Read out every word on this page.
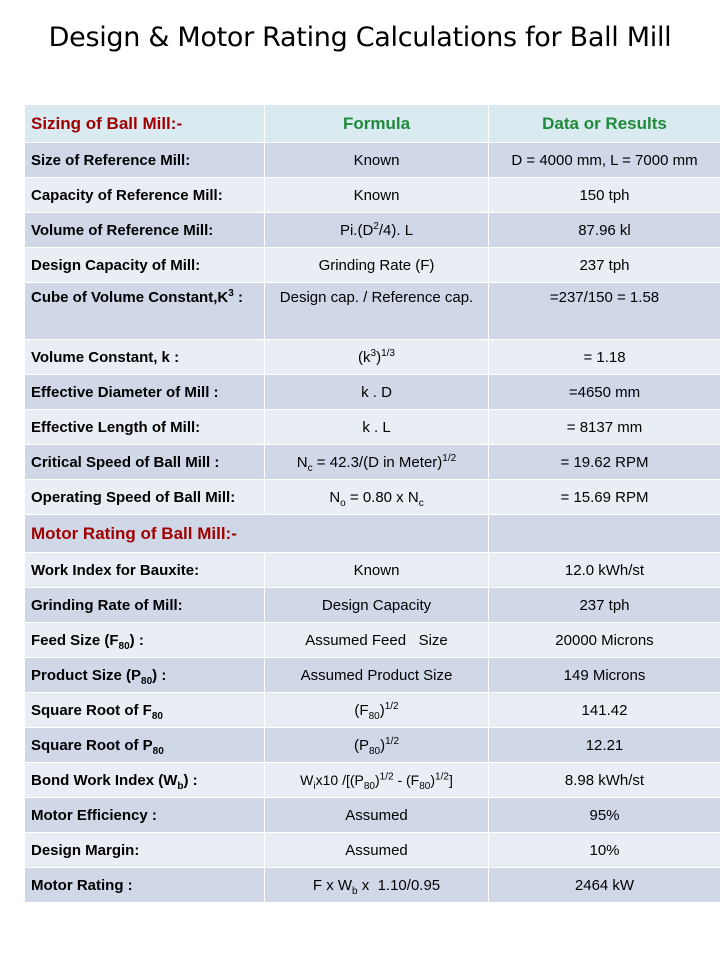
Design & Motor Rating Calculations for Ball Mill
Sizing of Ball Mill:-	Formula	Data or Results
Size of Reference Mill:	Known	D = 4000 mm, L = 7000 mm
Capacity of Reference Mill:	Known	150 tph
Volume of Reference Mill:	$Pi.(D^2/4)$. L	87.96 kl
Design Capacity of Mill:	Grinding Rate (F)	237 tph
Cube of Volume $Constant,K^3$ :	Design cap. / Reference cap.	=237/150 = 1.58
Volume Constant, k :	$(k^3)^{1/3}$	= 1.18
Effective Diameter of Mill :	k . D	=4650 mm
Effective Length of Mill:	k . L	= 8137 mm
Critical Speed of Ball Mill :	$N_c = 42.3/(D$ in Meter)$^{1/2}$	= 19.62 RPM
Operating Speed of Ball Mill:	$N_o = 0.80$ x $N_c$	= 15.69 RPM
Motor Rating of Ball Mill:-		
Work Index for Bauxite:	Known	12.0 kWh/st
Grinding Rate of Mill:	Design Capacity	237 tph
Feed Size $(F_{80})$ :	Assumed Feed   Size	20000 Microns
Product Size $(P_{80})$ :	Assumed Product Size	149 Microns
Square Root of $F_{80}$	$(F_{80})^{1/2}$	141.42
Square Root of $P_{80}$	$(P_{80})^{1/2}$	12.21
Bond Work Index $(W_b)$ :	$W_ix10$ $/[(P_{80})^{1/2} - (F_{80})^{1/2}]$	8.98 kWh/st
Motor Efficiency :	Assumed	95%
Design Margin:	Assumed	10%
Motor Rating :	F x $W_b$ x  1.10/0.95	2464 kW
